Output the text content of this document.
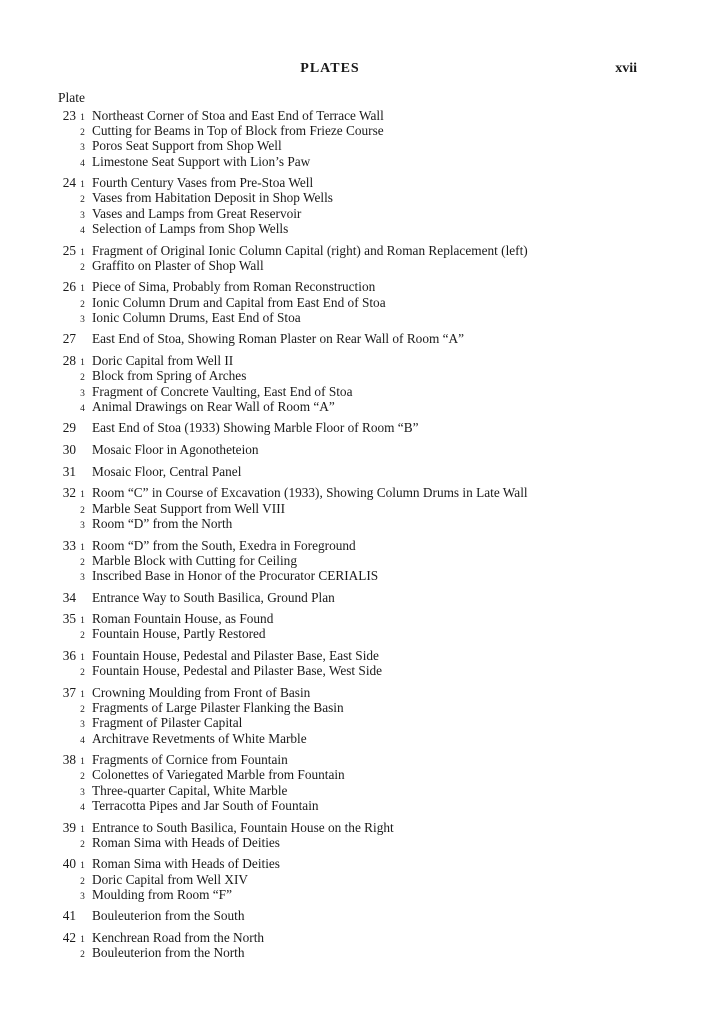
PLATES	xvii
Plate
23 1 Northeast Corner of Stoa and East End of Terrace Wall
2 Cutting for Beams in Top of Block from Frieze Course
3 Poros Seat Support from Shop Well
4 Limestone Seat Support with Lion’s Paw
24 1 Fourth Century Vases from Pre-Stoa Well
2 Vases from Habitation Deposit in Shop Wells
3 Vases and Lamps from Great Reservoir
4 Selection of Lamps from Shop Wells
25 1 Fragment of Original Ionic Column Capital (right) and Roman Replacement (left)
2 Graffito on Plaster of Shop Wall
26 1 Piece of Sima, Probably from Roman Reconstruction
2 Ionic Column Drum and Capital from East End of Stoa
3 Ionic Column Drums, East End of Stoa
27	East End of Stoa, Showing Roman Plaster on Rear Wall of Room “A”
28 1 Doric Capital from Well II
2 Block from Spring of Arches
3 Fragment of Concrete Vaulting, East End of Stoa
4 Animal Drawings on Rear Wall of Room “A”
29	East End of Stoa (1933) Showing Marble Floor of Room “B”
30	Mosaic Floor in Agonotheteion
31	Mosaic Floor, Central Panel
32 1 Room “C” in Course of Excavation (1933), Showing Column Drums in Late Wall
2 Marble Seat Support from Well VIII
3 Room “D” from the North
33 1 Room “D” from the South, Exedra in Foreground
2 Marble Block with Cutting for Ceiling
3 Inscribed Base in Honor of the Procurator CERIALIS
34	Entrance Way to South Basilica, Ground Plan
35 1 Roman Fountain House, as Found
2 Fountain House, Partly Restored
36 1 Fountain House, Pedestal and Pilaster Base, East Side
2 Fountain House, Pedestal and Pilaster Base, West Side
37 1 Crowning Moulding from Front of Basin
2 Fragments of Large Pilaster Flanking the Basin
3 Fragment of Pilaster Capital
4 Architrave Revetments of White Marble
38 1 Fragments of Cornice from Fountain
2 Colonettes of Variegated Marble from Fountain
3 Three-quarter Capital, White Marble
4 Terracotta Pipes and Jar South of Fountain
39 1 Entrance to South Basilica, Fountain House on the Right
2 Roman Sima with Heads of Deities
40 1 Roman Sima with Heads of Deities
2 Doric Capital from Well XIV
3 Moulding from Room “F”
41	Bouleuterion from the South
42 1 Kenchrean Road from the North
2 Bouleuterion from the North
